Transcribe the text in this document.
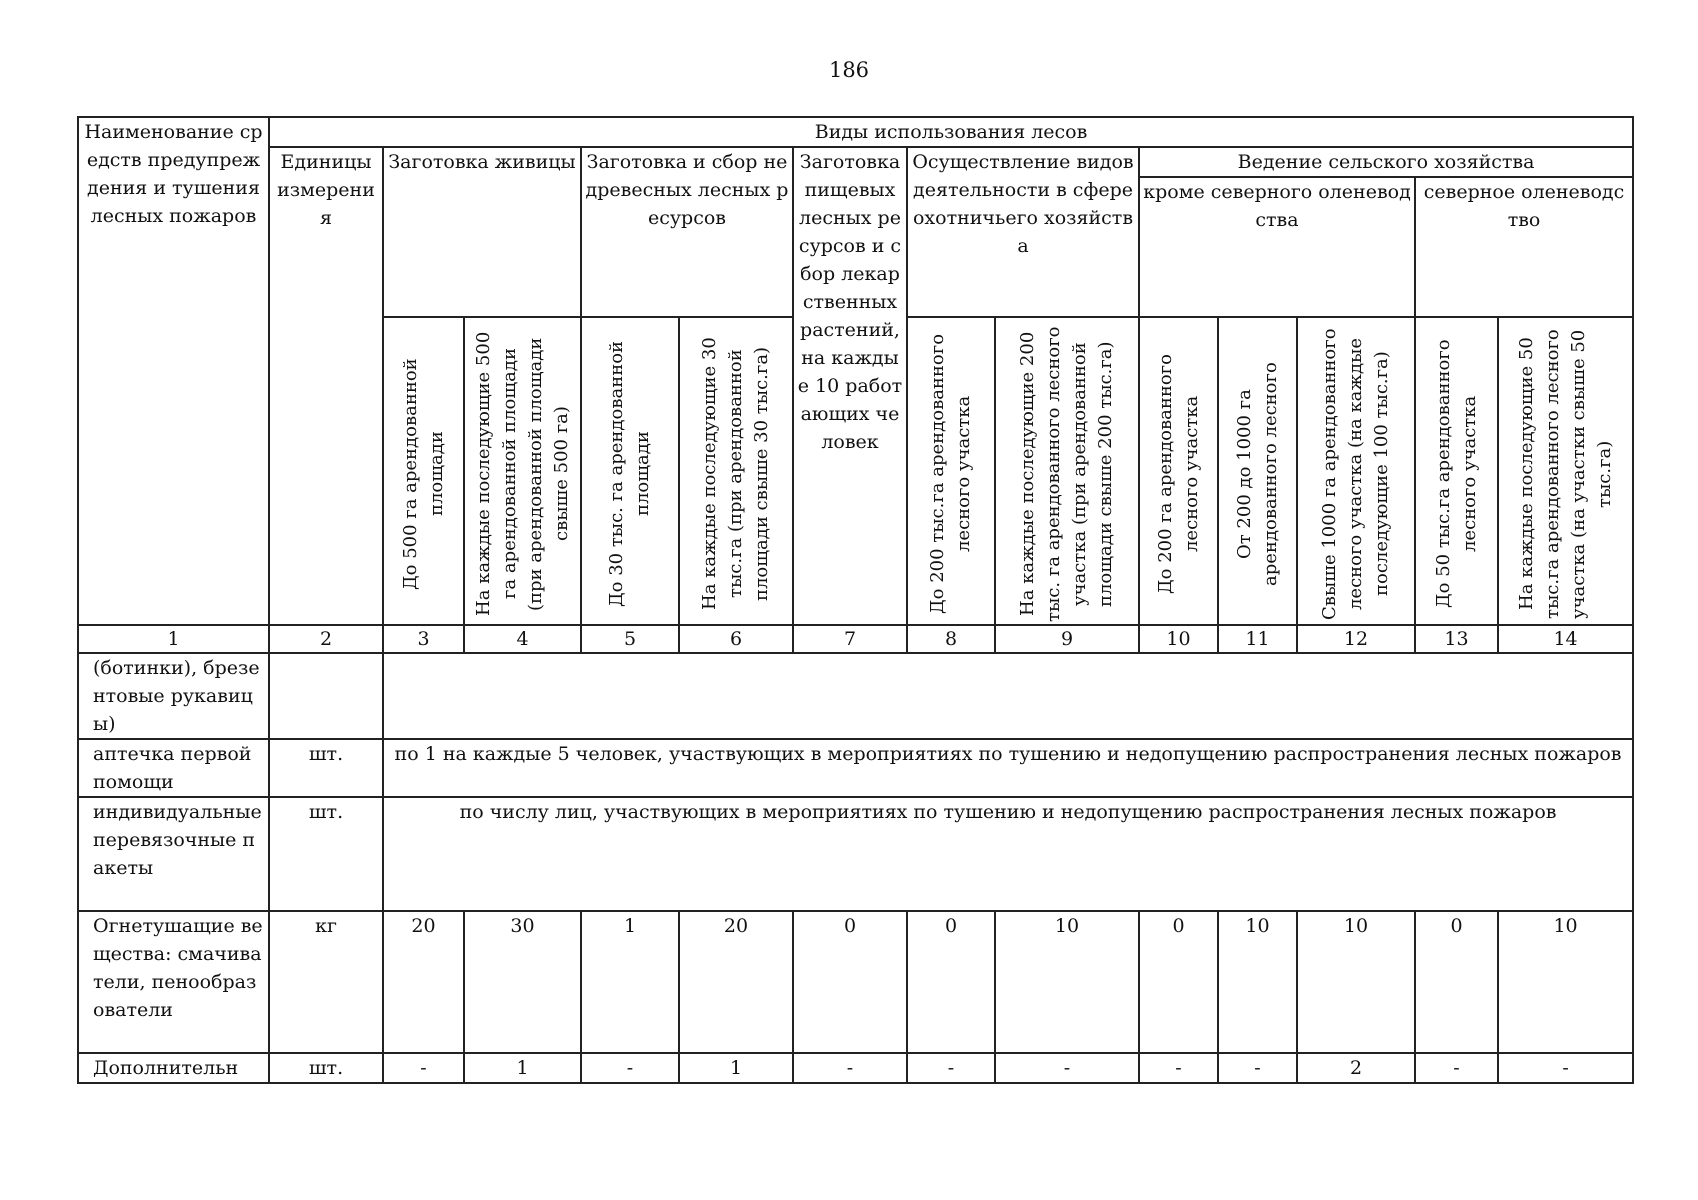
186
Наименование средств предупреждения и тушения лесных пожаров	Виды использования лесов												
	Единицы измерения	Заготовка живицы		Заготовка и сбор недревесных лесных ресурсов		Заготовка пищевых лесных ресурсов и сбор лекарственных растений, на каждые 10 работающих человек	Осуществление видов деятельности в сфере охотничьего хозяйства		Ведение сельского хозяйства				
									кроме северного оленеводства			северное оленеводство	

		До 500 га арендованной площади	На каждые последующие 500 га арендованной площади (при арендованной площади свыше 500 га)	До 30 тыс. га арендованной площади	На каждые последующие 30 тыс.га (при арендованной площади свыше 30 тыс.га)		До 200 тыс.га арендованного лесного участка	На каждые последующие 200 тыс. га арендованного лесного участка (при арендованной площади свыше 200 тыс.га)	До 200 га арендованного лесного участка	От 200 до 1000 га арендованного лесного	Свыше 1000 га арендованного лесного участка (на каждые последующие 100 тыс.га)	До 50 тыс.га арендованного лесного участка	На каждые последующие 50 тыс.га арендованного лесного участка (на участки свыше 50 тыс.га)

1	2	3	4	5	6	7	8	9	10	11	12	13	14
(ботинки), брезентовые рукавицы)													
аптечка первой помощи	шт.	по 1 на каждые 5 человек, участвующих в мероприятиях по тушению и недопущению распространения лесных пожаров											
индивидуальные перевязочные пакеты	шт.	по числу лиц, участвующих в мероприятиях по тушению и недопущению распространения лесных пожаров											
Огнетушащие вещества: смачиватели, пенообразователи	кг	20	30	1	20	0	0	10	0	10	10	0	10
Дополнительн	шт.	-	1	-	1	-	-	-	-	-	2	-	-
